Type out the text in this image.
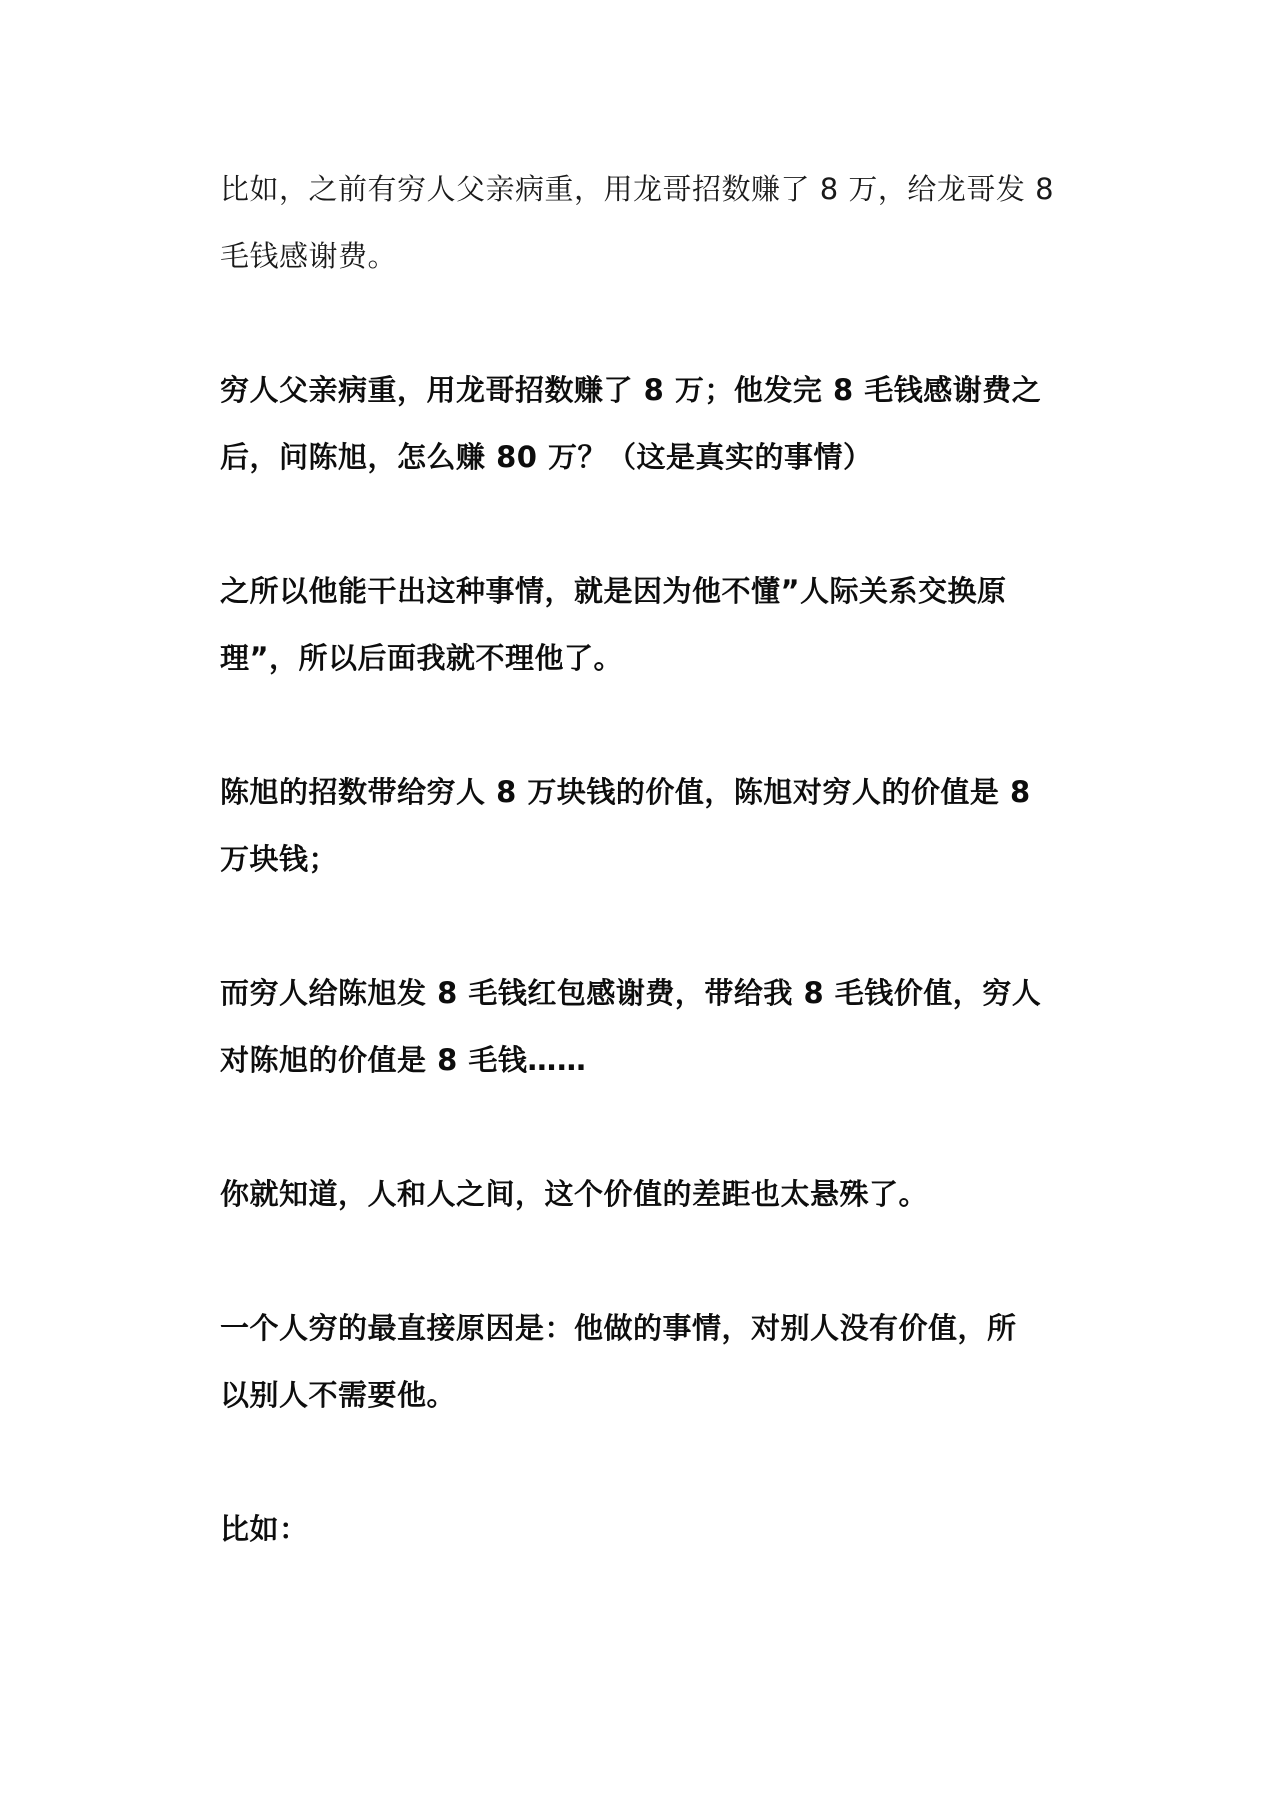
比如，之前有穷人父亲病重，用龙哥招数赚了 8 万，给龙哥发 8
毛钱感谢费。

穷人父亲病重，用龙哥招数赚了 8 万；他发完 8 毛钱感谢费之
后，问陈旭，怎么赚 80 万？（这是真实的事情）

之所以他能干出这种事情，就是因为他不懂”人际关系交换原
理”，所以后面我就不理他了。

陈旭的招数带给穷人 8 万块钱的价值，陈旭对穷人的价值是 8
万块钱；

而穷人给陈旭发 8 毛钱红包感谢费，带给我 8 毛钱价值，穷人
对陈旭的价值是 8 毛钱……

你就知道，人和人之间，这个价值的差距也太悬殊了。

一个人穷的最直接原因是：他做的事情，对别人没有价值，所
以别人不需要他。

比如：
